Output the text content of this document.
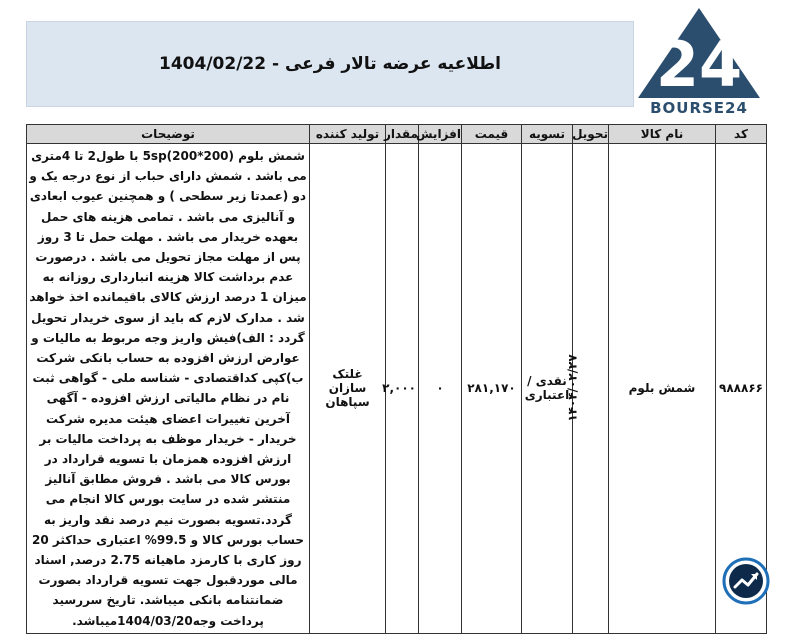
اطلاعیه عرضه تالار فرعی - 1404/02/22 24
BOURSE24
کد	نام کالا	تحویل	تسویه	قیمت	افزایش	مقدار	تولید کننده	توضیحات
۹۸۸۸۶۶	شمش بلوم	۱۴۰۴/۰۲/۲۷	نقدی / اعتباری	۲۸۱,۱۷۰	۰	۲,۰۰۰	غلتک سازان سپاهان	شمش بلوم 5sp(200*200) با طول2 تا 4متری می باشد . شمش دارای حباب از نوع درجه یک و دو (عمدتا زیر سطحی ) و همچنین عیوب ابعادی و آنالیزی می باشد . تمامی هزینه های حمل بعهده خریدار می باشد . مهلت حمل تا 3 روز پس از مهلت مجاز تحویل می باشد . درصورت عدم برداشت کالا هزینه انبارداری روزانه به میزان 1 درصد ارزش کالای باقیمانده اخذ خواهد شد . مدارک لازم که باید از سوی خریدار تحویل گردد : الف)فیش واریز وجه مربوط به مالیات و عوارض ارزش افزوده به حساب بانکی شرکت ب)کپی کداقتصادی - شناسه ملی - گواهی ثبت نام در نظام مالیاتی ارزش افزوده - آگهی آخرین تغییرات اعضای هیئت مدیره شرکت خریدار - خریدار موظف به پرداخت مالیات بر ارزش افزوده همزمان با تسویه قرارداد در بورس کالا می باشد . فروش مطابق آنالیز منتشر شده در سایت بورس کالا انجام می گردد.تسویه بصورت نیم درصد نقد واریز به حساب بورس کالا و 99.5% اعتباری حداکثر 20 روز کاری با کارمزد ماهیانه 2.75 درصد, اسناد مالی موردقبول جهت تسویه قرارداد بصورت ضمانتنامه بانکی میباشد. تاریخ سررسید پرداخت وجه1404/03/20میباشد.
